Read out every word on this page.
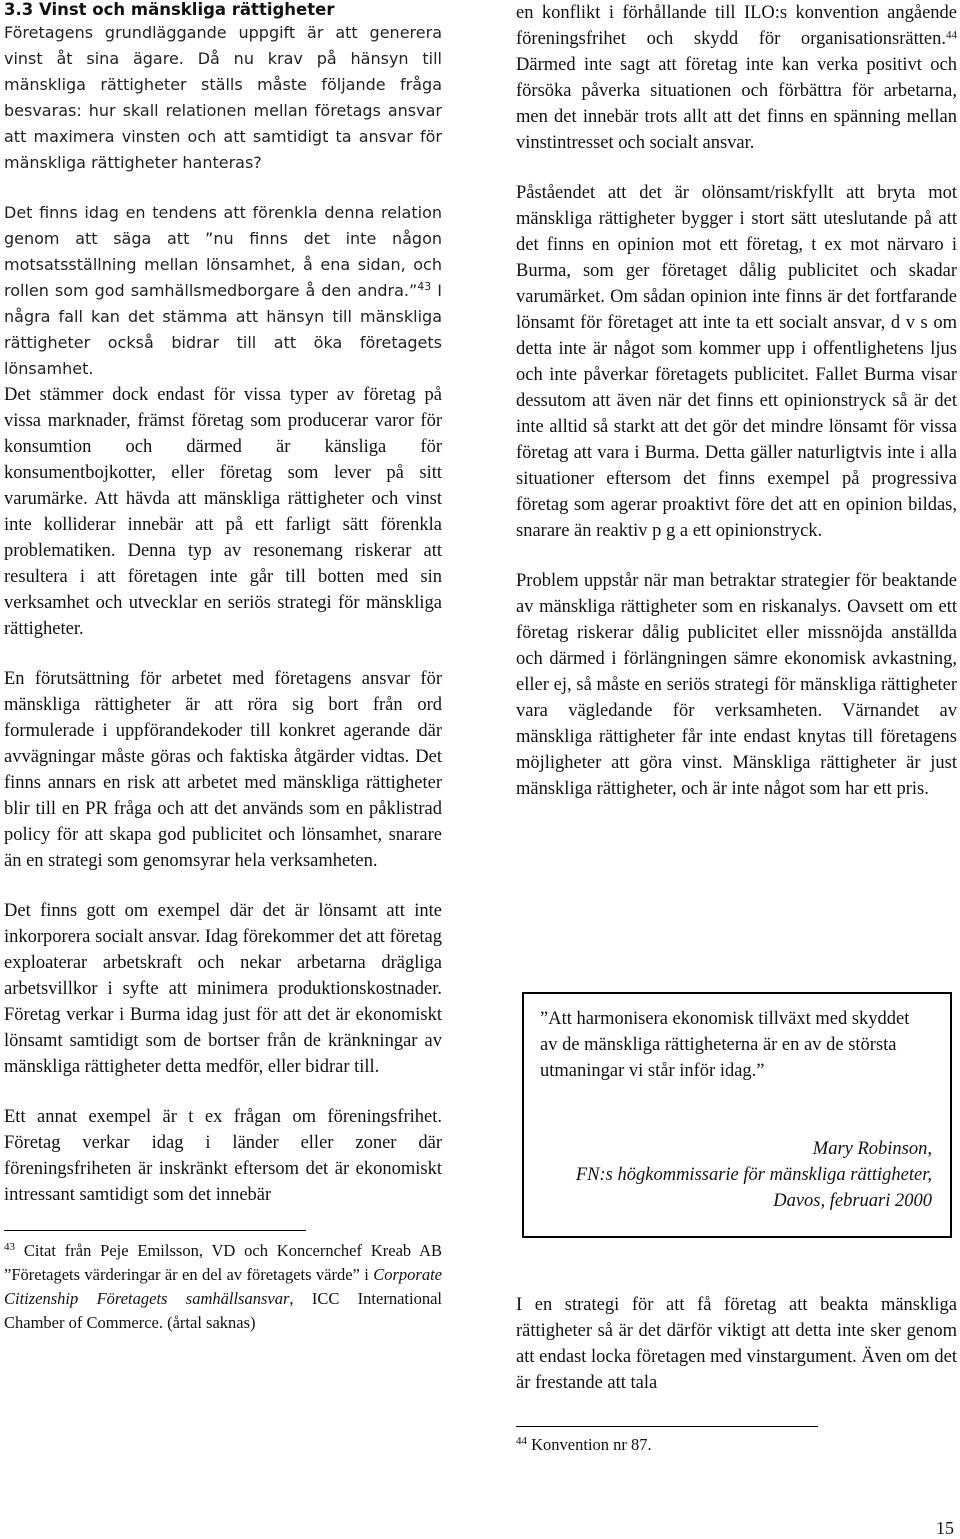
3.3 Vinst och mänskliga rättigheter

Företagens grundläggande uppgift är att generera vinst åt sina ägare. Då nu krav på hänsyn till mänskliga rättigheter ställs måste följande fråga besvaras: hur skall relationen mellan företags ansvar att maximera vinsten och att samtidigt ta ansvar för mänskliga rättigheter hanteras?

Det finns idag en tendens att förenkla denna relation genom att säga att ”nu finns det inte någon motsatsställning mellan lönsamhet, å ena sidan, och rollen som god samhällsmedborgare å den andra.”$^{43}$ I några fall kan det stämma att hänsyn till mänskliga rättigheter också bidrar till att öka företagets lönsamhet.

Det stämmer dock endast för vissa typer av företag på vissa marknader, främst företag som producerar varor för konsumtion och därmed är känsliga för konsumentbojkotter, eller företag som lever på sitt varumärke. Att hävda att mänskliga rättigheter och vinst inte kolliderar innebär att på ett farligt sätt förenkla problematiken. Denna typ av resonemang riskerar att resultera i att företagen inte går till botten med sin verksamhet och utvecklar en seriös strategi för mänskliga rättigheter.

En förutsättning för arbetet med företagens ansvar för mänskliga rättigheter är att röra sig bort från ord formulerade i uppförandekoder till konkret agerande där avvägningar måste göras och faktiska åtgärder vidtas. Det finns annars en risk att arbetet med mänskliga rättigheter blir till en PR fråga och att det används som en påklistrad policy för att skapa god publicitet och lönsamhet, snarare än en strategi som genomsyrar hela verksamheten.

Det finns gott om exempel där det är lönsamt att inte inkorporera socialt ansvar. Idag förekommer det att företag exploaterar arbetskraft och nekar arbetarna drägliga arbetsvillkor i syfte att minimera produktionskostnader. Företag verkar i Burma idag just för att det är ekonomiskt lönsamt samtidigt som de bortser från de kränkningar av mänskliga rättigheter detta medför, eller bidrar till.

Ett annat exempel är t ex frågan om föreningsfrihet. Företag verkar idag i länder eller zoner där föreningsfriheten är inskränkt eftersom det är ekonomiskt intressant samtidigt som det innebär

$^{43}$ Citat från Peje Emilsson, VD och Koncernchef Kreab AB ”Företagets värderingar är en del av företagets värde” i Corporate Citizenship Företagets samhällsansvar, ICC International Chamber of Commerce. (årtal saknas)

en konflikt i förhållande till ILO:s konvention angående föreningsfrihet och skydd för organisationsrätten.$^{44}$ Därmed inte sagt att företag inte kan verka positivt och försöka påverka situationen och förbättra för arbetarna, men det innebär trots allt att det finns en spänning mellan vinstintresset och socialt ansvar.

Påståendet att det är olönsamt/riskfyllt att bryta mot mänskliga rättigheter bygger i stort sätt uteslutande på att det finns en opinion mot ett företag, t ex mot närvaro i Burma, som ger företaget dålig publicitet och skadar varumärket. Om sådan opinion inte finns är det fortfarande lönsamt för företaget att inte ta ett socialt ansvar, d v s om detta inte är något som kommer upp i offentlighetens ljus och inte påverkar företagets publicitet. Fallet Burma visar dessutom att även när det finns ett opinionstryck så är det inte alltid så starkt att det gör det mindre lönsamt för vissa företag att vara i Burma. Detta gäller naturligtvis inte i alla situationer eftersom det finns exempel på progressiva företag som agerar proaktivt före det att en opinion bildas, snarare än reaktiv p g a ett opinionstryck.

Problem uppstår när man betraktar strategier för beaktande av mänskliga rättigheter som en riskanalys. Oavsett om ett företag riskerar dålig publicitet eller missnöjda anställda och därmed i förlängningen sämre ekonomisk avkastning, eller ej, så måste en seriös strategi för mänskliga rättigheter vara vägledande för verksamheten. Värnandet av mänskliga rättigheter får inte endast knytas till företagens möjligheter att göra vinst. Mänskliga rättigheter är just mänskliga rättigheter, och är inte något som har ett pris.

”Att harmonisera ekonomisk tillväxt med skyddet av de mänskliga rättigheterna är en av de största utmaningar vi står inför idag.”

Mary Robinson,
FN:s högkommissarie för mänskliga rättigheter,
Davos, februari 2000

I en strategi för att få företag att beakta mänskliga rättigheter så är det därför viktigt att detta inte sker genom att endast locka företagen med vinstargument. Även om det är frestande att tala

$^{44}$ Konvention nr 87.

15
